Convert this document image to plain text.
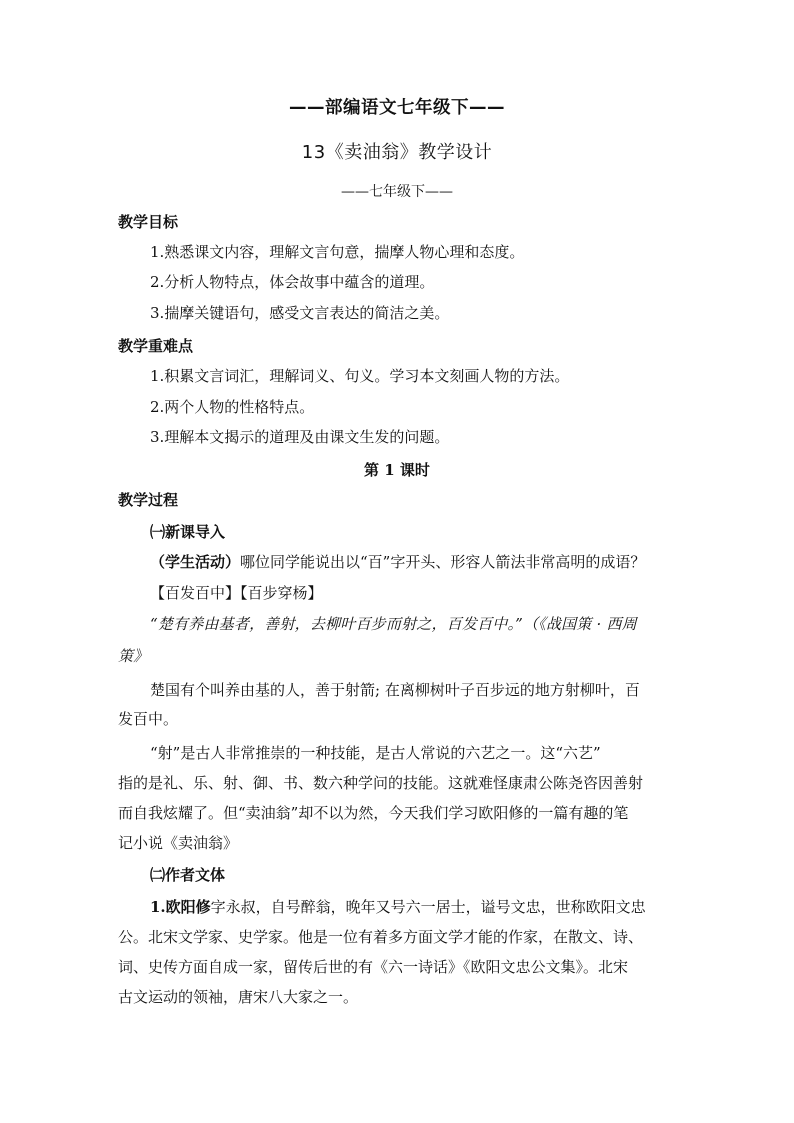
——部编语文七年级下——
13《卖油翁》教学设计
——七年级下——
教学目标
1.熟悉课文内容，理解文言句意，揣摩人物心理和态度。
2.分析人物特点，体会故事中蕴含的道理。
3.揣摩关键语句，感受文言表达的简洁之美。
教学重难点
1.积累文言词汇，理解词义、句义。学习本文刻画人物的方法。
2.两个人物的性格特点。
3.理解本文揭示的道理及由课文生发的问题。
第 1 课时
教学过程
㈠新课导入
（学生活动）哪位同学能说出以“百”字开头、形容人箭法非常高明的成语？
【百发百中】【百步穿杨】
“楚有养由基者，善射，去柳叶百步而射之，百发百中。”（《战国策 · 西周
策》
楚国有个叫养由基的人，善于射箭; 在离柳树叶子百步远的地方射柳叶，百
发百中。
“射”是古人非常推崇的一种技能，是古人常说的六艺之一。这“六艺”
指的是礼、乐、射、御、书、数六种学问的技能。这就难怪康肃公陈尧咨因善射
而自我炫耀了。但“卖油翁”却不以为然，今天我们学习欧阳修的一篇有趣的笔
记小说《卖油翁》
㈡作者文体
1.欧阳修字永叔，自号醉翁，晚年又号六一居士，谥号文忠，世称欧阳文忠
公。北宋文学家、史学家。他是一位有着多方面文学才能的作家，在散文、诗、
词、史传方面自成一家，留传后世的有《六一诗话》《欧阳文忠公文集》。北宋
古文运动的领袖，唐宋八大家之一。
